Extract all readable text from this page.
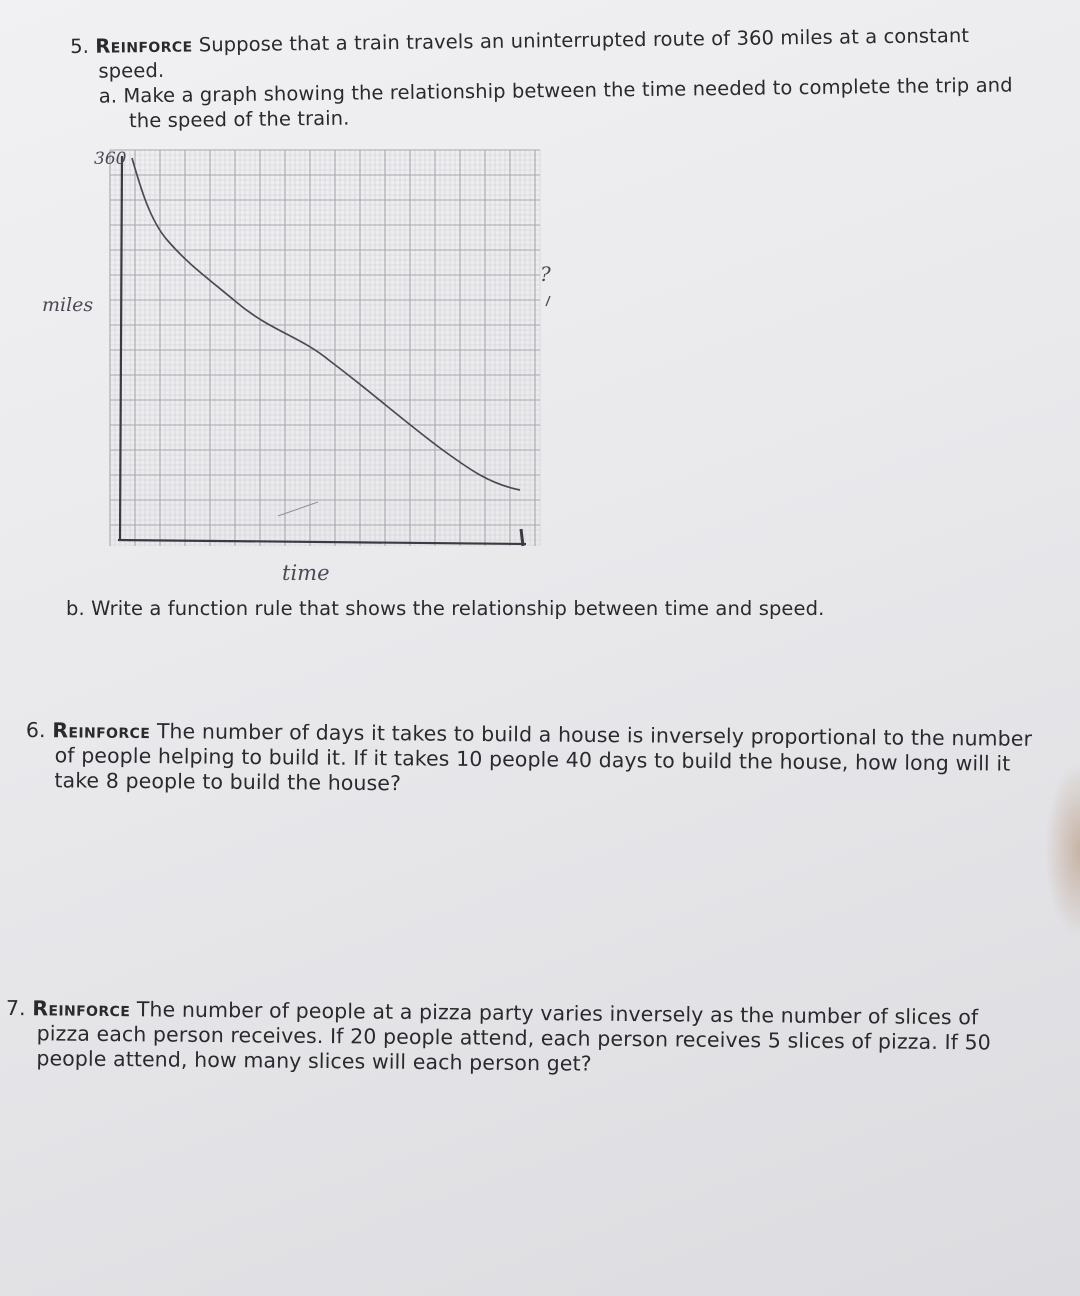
5. Reinforce Suppose that a train travels an uninterrupted route of 360 miles at a constant
speed.
a. Make a graph showing the relationship between the time needed to complete the trip and
the speed of the train.
360
miles
time
?
b. Write a function rule that shows the relationship between time and speed.
6. Reinforce The number of days it takes to build a house is inversely proportional to the number
of people helping to build it. If it takes 10 people 40 days to build the house, how long will it
take 8 people to build the house?
7. Reinforce The number of people at a pizza party varies inversely as the number of slices of
pizza each person receives. If 20 people attend, each person receives 5 slices of pizza. If 50
people attend, how many slices will each person get?
